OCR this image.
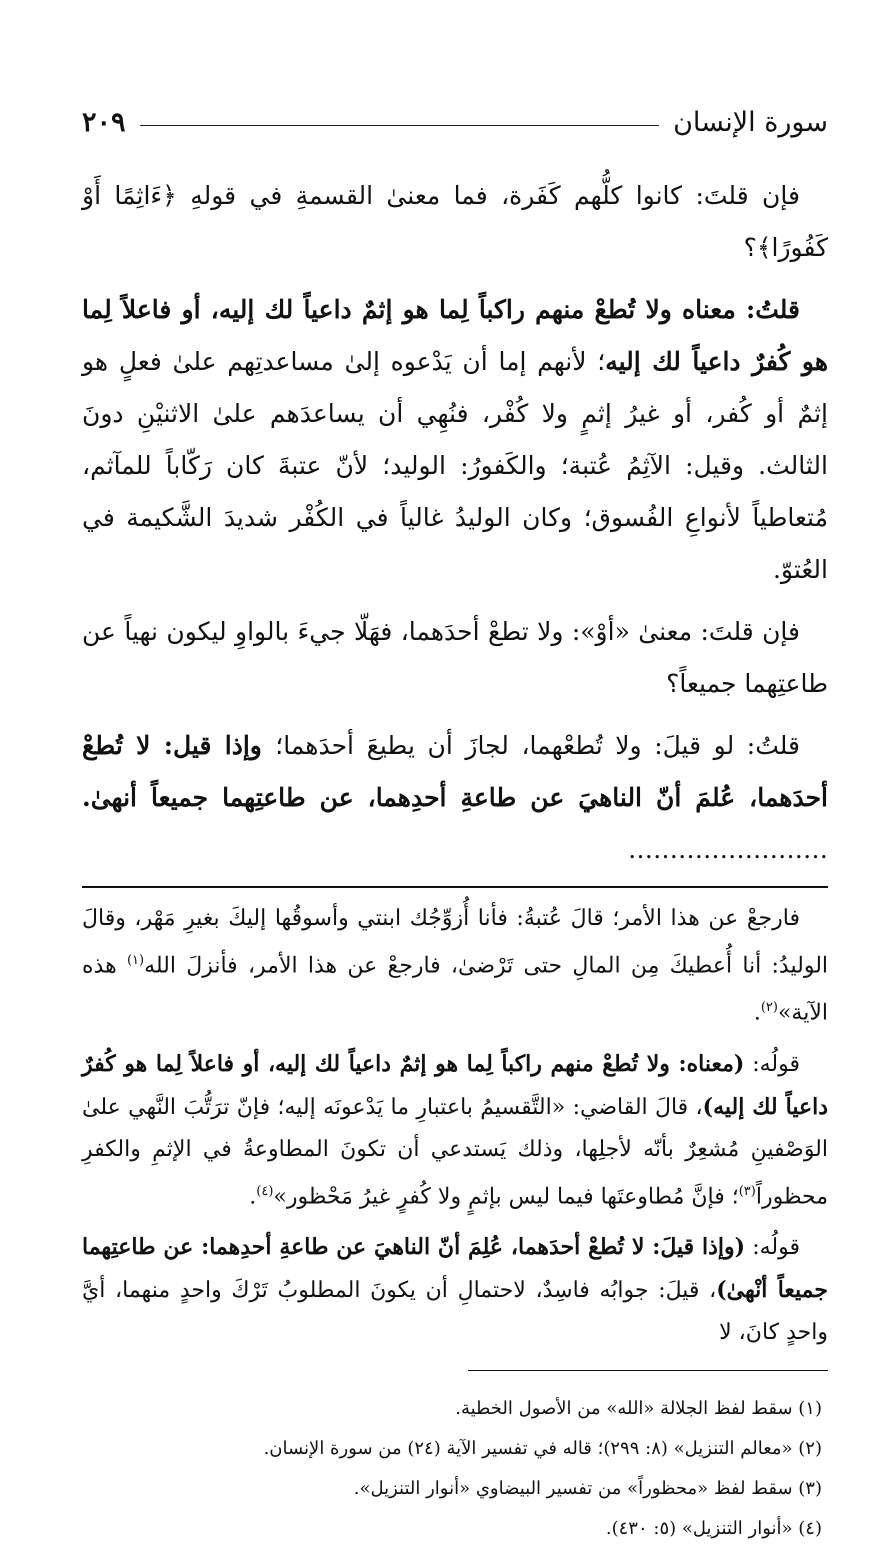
سورة الإنسان
٢٠٩

فإن قلتَ: كانوا كلُّهم كَفَرة، فما معنىٰ القسمةِ في قولهِ ﴿ءَاثِمًا أَوْ كَفُورًا﴾؟

قلتُ: معناه ولا تُطعْ منهم راكباً لِما هو إثمٌ داعياً لك إليه، أو فاعلاً لِما هو كُفرٌ داعياً لك إليه؛ لأنهم إما أن يَدْعوه إلىٰ مساعدتِهم علىٰ فعلٍ هو إثمٌ أو كُفر، أو غيرُ إثمٍ ولا كُفْر، فنُهِي أن يساعدَهم علىٰ الاثنيْنِ دونَ الثالث. وقيل: الآثِمُ عُتبة؛ والكَفورُ: الوليد؛ لأنّ عتبةَ كان رَكّاباً للمآثم، مُتعاطياً لأنواعِ الفُسوق؛ وكان الوليدُ غالياً في الكُفْر شديدَ الشَّكيمة في العُتوّ.

فإن قلتَ: معنىٰ «أوْ»: ولا تطعْ أحدَهما، فهَلّا جيءَ بالواوِ ليكون نهياً عن طاعتِهما جميعاً؟

قلتُ: لو قيلَ: ولا تُطعْهما، لجازَ أن يطيعَ أحدَهما؛ وإذا قيل: لا تُطعْ أحدَهما، عُلمَ أنّ الناهيَ عن طاعةِ أحدِهما، عن طاعتِهما جميعاً أنهىٰ. ……………………

فارجعْ عن هذا الأمر؛ قالَ عُتبةُ: فأنا أُزوِّجُك ابنتي وأسوقُها إليكَ بغيرِ مَهْر، وقالَ الوليدُ: أنا أُعطيكَ مِن المالِ حتى تَرْضىٰ، فارجعْ عن هذا الأمر، فأنزلَ الله$^{(١)}$ هذه الآية»$^{(٢)}$.

قولُه: (معناه: ولا تُطعْ منهم راكباً لِما هو إثمٌ داعياً لك إليه، أو فاعلاً لِما هو كُفرٌ داعياً لك إليه)، قالَ القاضي: «التَّقسيمُ باعتبارِ ما يَدْعونَه إليه؛ فإنّ ترَتُّبَ النَّهي علىٰ الوَصْفينِ مُشعِرٌ بأنّه لأجلِها، وذلك يَستدعي أن تكونَ المطاوعةُ في الإثمِ والكفرِ محظوراً$^{(٣)}$؛ فإنَّ مُطاوعتَها فيما ليس بإثمٍ ولا كُفرٍ غيرُ مَحْظور»$^{(٤)}$.

قولُه: (وإذا قيلَ: لا تُطعْ أحدَهما، عُلِمَ أنّ الناهيَ عن طاعةِ أحدِهما: عن طاعتِهما جميعاً أنْهىٰ)، قيلَ: جوابُه فاسِدٌ، لاحتمالِ أن يكونَ المطلوبُ تَرْكَ واحدٍ منهما، أيَّ واحدٍ كانَ، لا

(١) سقط لفظ الجلالة «الله» من الأصول الخطية.
(٢) «معالم التنزيل» (٨: ٢٩٩)؛ قاله في تفسير الآية (٢٤) من سورة الإنسان.
(٣) سقط لفظ «محظوراً» من تفسير البيضاوي «أنوار التنزيل».
(٤) «أنوار التنزيل» (٥: ٤٣٠).
